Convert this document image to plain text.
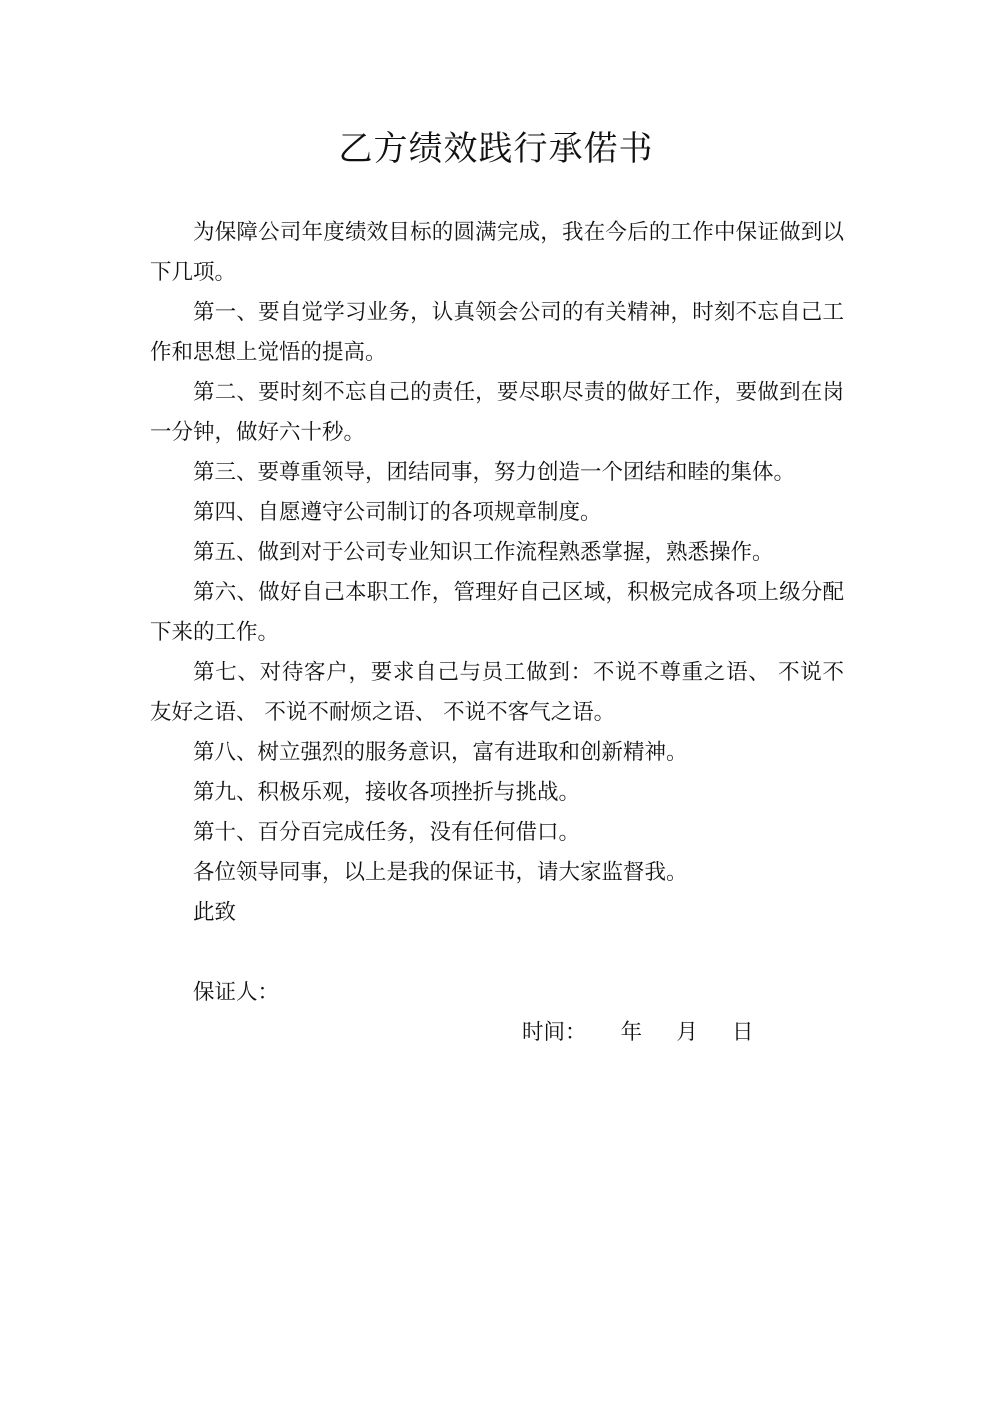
乙方绩效践行承偌书

为保障公司年度绩效目标的圆满完成，我在今后的工作中保证做到以下几项。

第一、要自觉学习业务，认真领会公司的有关精神，时刻不忘自己工作和思想上觉悟的提高。

第二、要时刻不忘自己的责任，要尽职尽责的做好工作，要做到在岗一分钟，做好六十秒。

第三、要尊重领导，团结同事，努力创造一个团结和睦的集体。

第四、自愿遵守公司制订的各项规章制度。

第五、做到对于公司专业知识工作流程熟悉掌握，熟悉操作。

第六、做好自己本职工作，管理好自己区域，积极完成各项上级分配下来的工作。

第七、对待客户，要求自己与员工做到：不说不尊重之语、 不说不友好之语、 不说不耐烦之语、 不说不客气之语。

第八、树立强烈的服务意识，富有进取和创新精神。

第九、积极乐观，接收各项挫折与挑战。

第十、百分百完成任务，没有任何借口。

各位领导同事，以上是我的保证书，请大家监督我。

此致

保证人：

时间：     年     月     日
